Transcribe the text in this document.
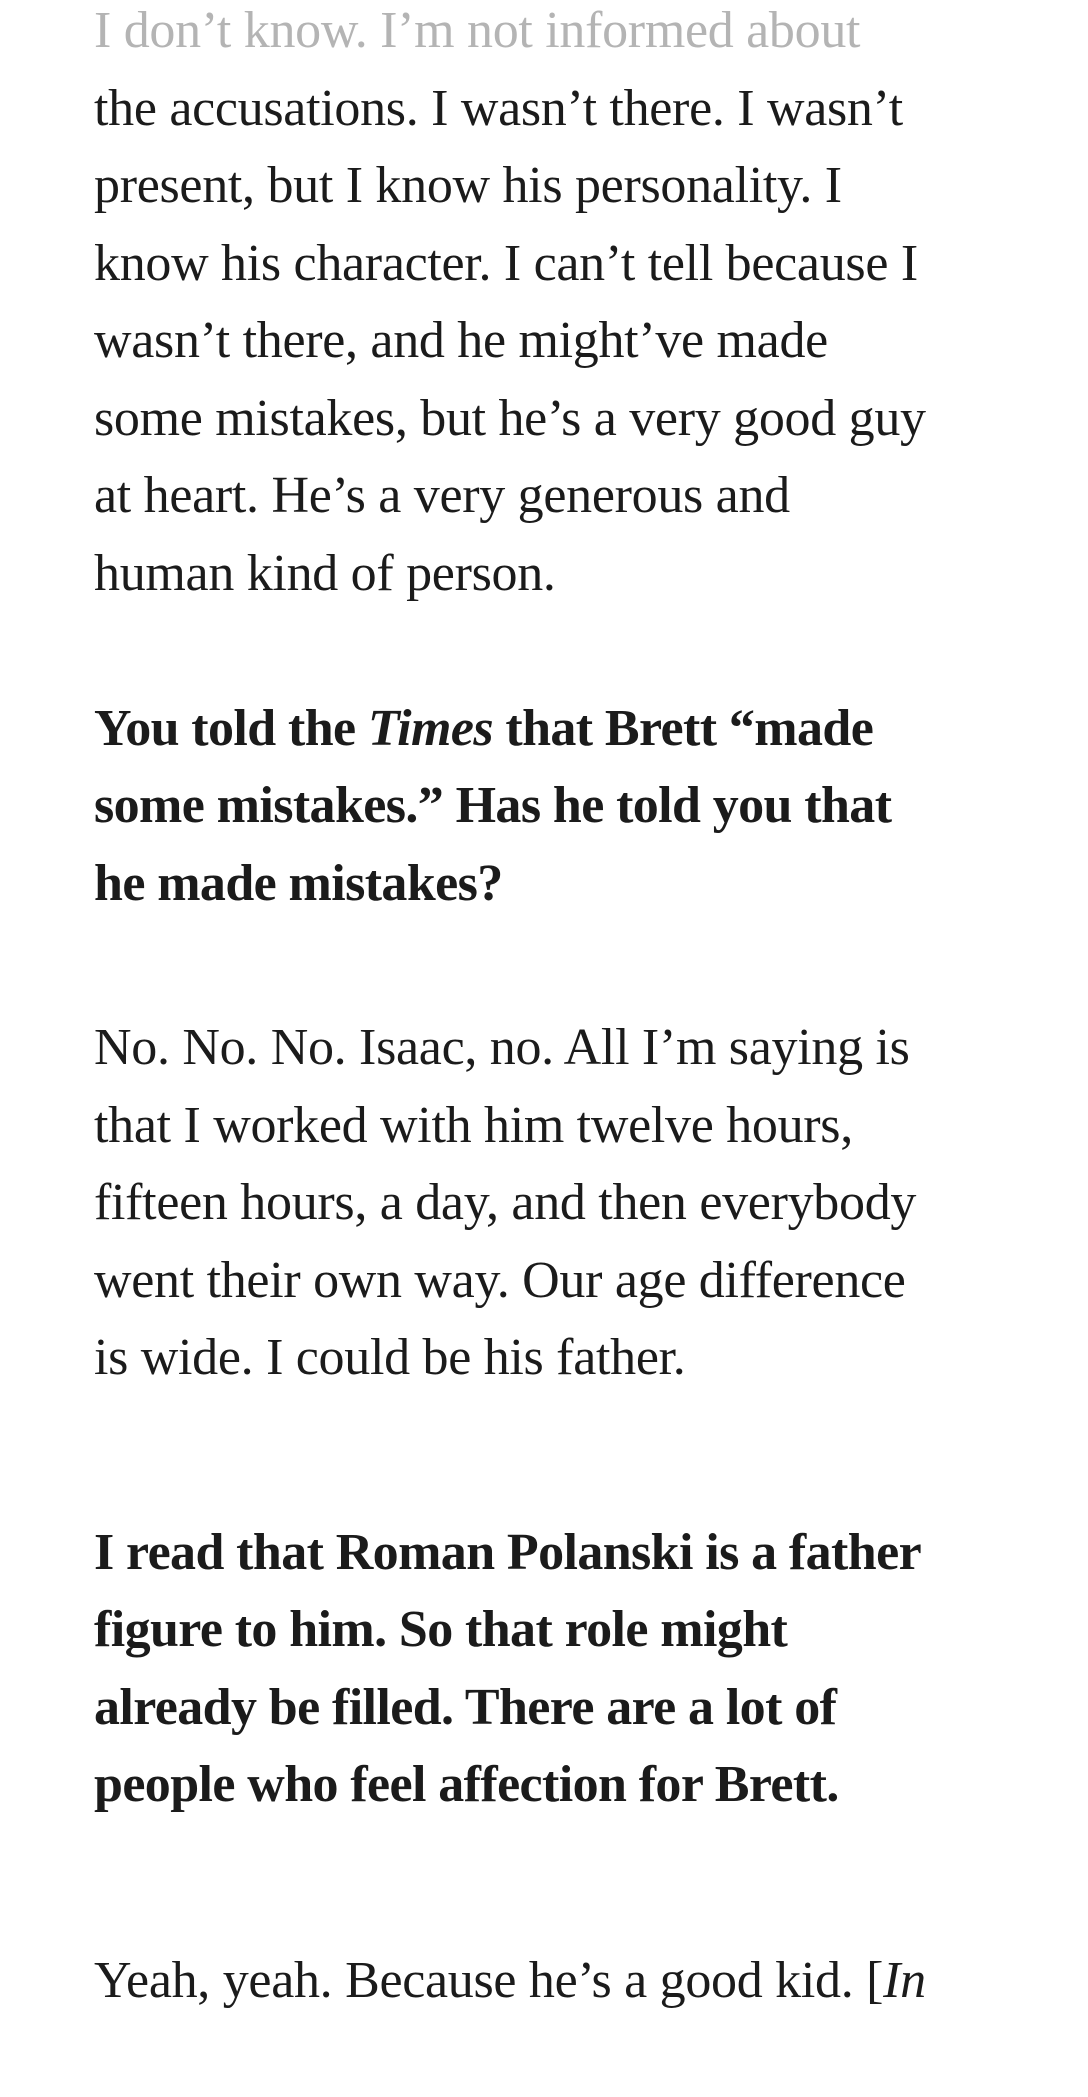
I don’t know. I’m not informed about

the accusations. I wasn’t there. I wasn’t

present, but I know his personality. I

know his character. I can’t tell because I

wasn’t there, and he might’ve made

some mistakes, but he’s a very good guy

at heart. He’s a very generous and

human kind of person.

You told the Times that Brett “made

some mistakes.” Has he told you that

he made mistakes?

No. No. No. Isaac, no. All I’m saying is

that I worked with him twelve hours,

fifteen hours, a day, and then everybody

went their own way. Our age difference

is wide. I could be his father.

I read that Roman Polanski is a father

figure to him. So that role might

already be filled. There are a lot of

people who feel affection for Brett.

Yeah, yeah. Because he’s a good kid. [In
